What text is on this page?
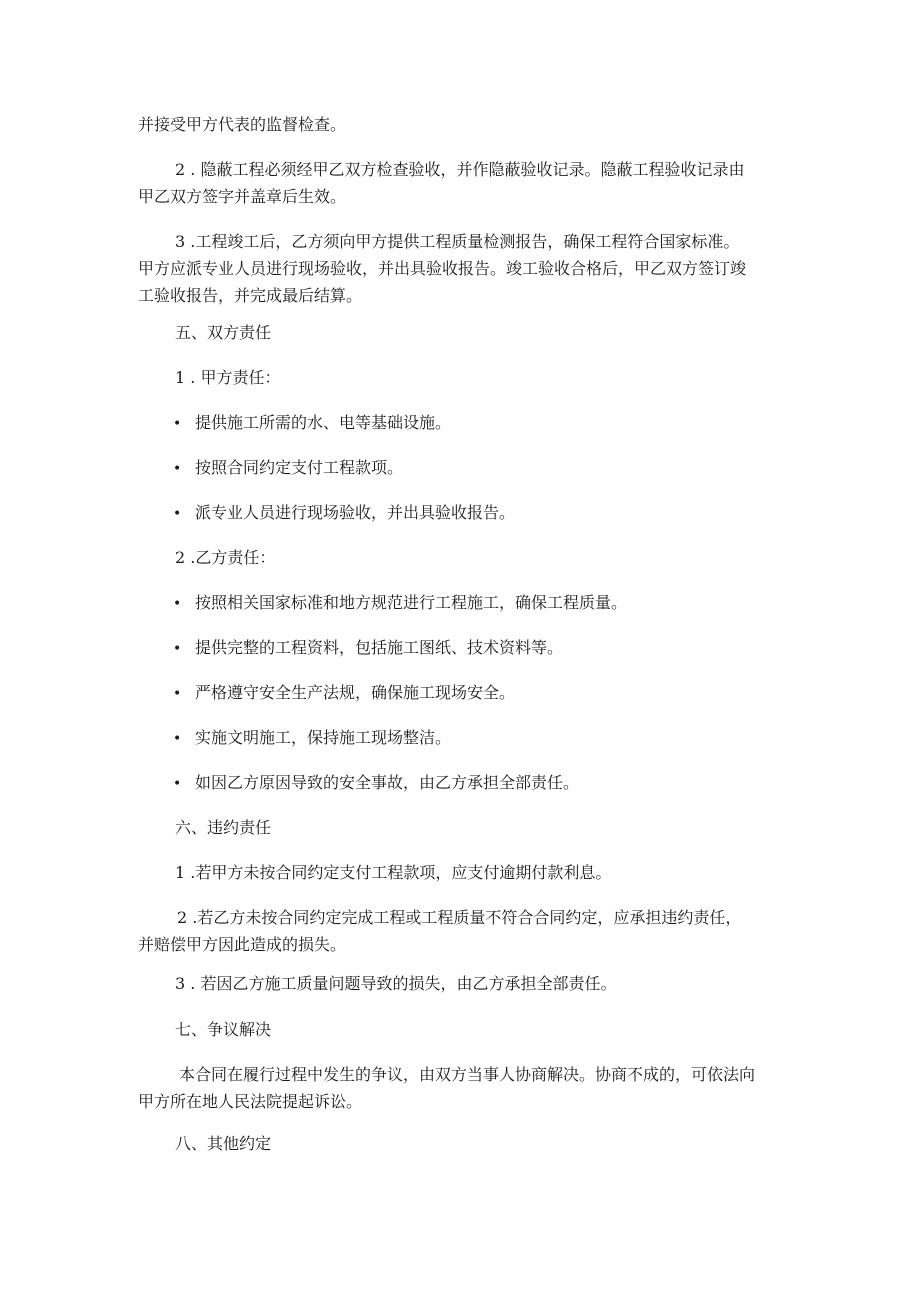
并接受甲方代表的监督检查。
2 . 隐蔽工程必须经甲乙双方检查验收，并作隐蔽验收记录。隐蔽工程验收记录由
甲乙双方签字并盖章后生效。
3 .工程竣工后，乙方须向甲方提供工程质量检测报告，确保工程符合国家标准。
甲方应派专业人员进行现场验收，并出具验收报告。竣工验收合格后，甲乙双方签订竣
工验收报告，并完成最后结算。
五、双方责任
1 . 甲方责任：
• 提供施工所需的水、电等基础设施。
• 按照合同约定支付工程款项。
• 派专业人员进行现场验收，并出具验收报告。
2 .乙方责任：
• 按照相关国家标准和地方规范进行工程施工，确保工程质量。
• 提供完整的工程资料，包括施工图纸、技术资料等。
• 严格遵守安全生产法规，确保施工现场安全。
• 实施文明施工，保持施工现场整洁。
• 如因乙方原因导致的安全事故，由乙方承担全部责任。
六、违约责任
1 .若甲方未按合同约定支付工程款项，应支付逾期付款利息。
2 .若乙方未按合同约定完成工程或工程质量不符合合同约定，应承担违约责任，
并赔偿甲方因此造成的损失。
3 . 若因乙方施工质量问题导致的损失，由乙方承担全部责任。
七、争议解决
本合同在履行过程中发生的争议，由双方当事人协商解决。协商不成的，可依法向
甲方所在地人民法院提起诉讼。
八、其他约定
